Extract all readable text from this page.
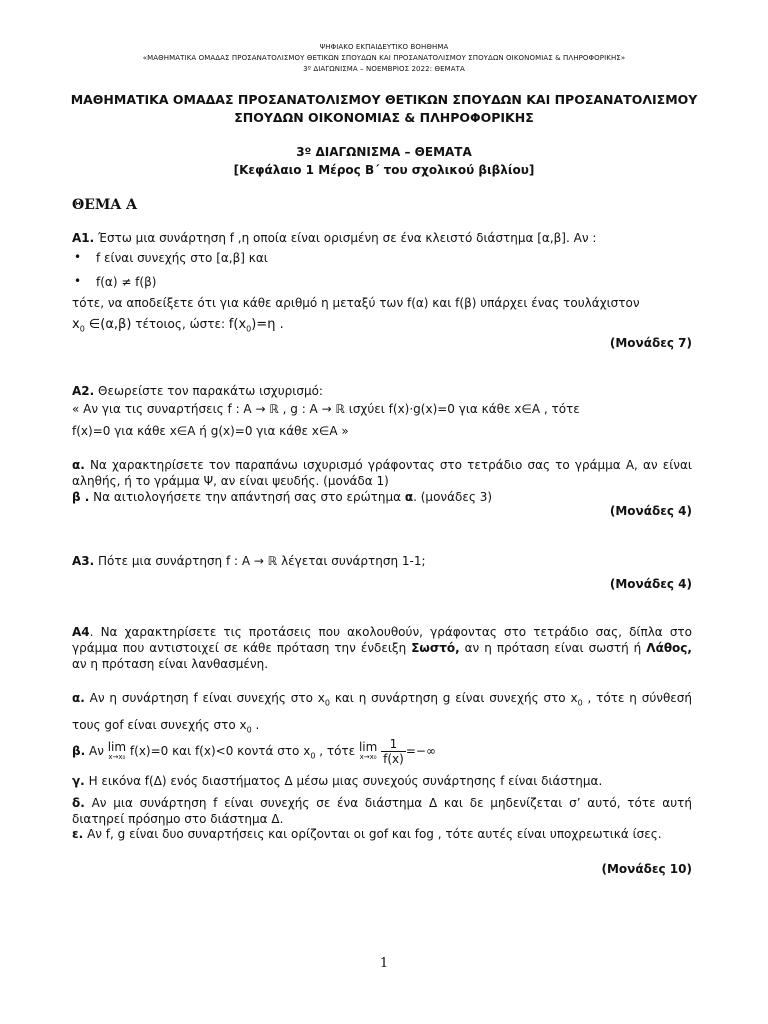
ΨΗΦΙΑΚΟ ΕΚΠΑΙΔΕΥΤΙΚΟ ΒΟΗΘΗΜΑ
«ΜΑΘΗΜΑΤΙΚΑ ΟΜΑΔΑΣ ΠΡΟΣΑΝΑΤΟΛΙΣΜΟΥ ΘΕΤΙΚΩΝ ΣΠΟΥΔΩΝ ΚΑΙ ΠΡΟΣΑΝΑΤΟΛΙΣΜΟΥ ΣΠΟΥΔΩΝ ΟΙΚΟΝΟΜΙΑΣ & ΠΛΗΡΟΦΟΡΙΚΗΣ»
3º ΔΙΑΓΩΝΙΣΜΑ – ΝΟΕΜΒΡΙΟΣ 2022: ΘΕΜΑΤΑ
ΜΑΘΗΜΑΤΙΚΑ ΟΜΑΔΑΣ ΠΡΟΣΑΝΑΤΟΛΙΣΜΟΥ ΘΕΤΙΚΩΝ ΣΠΟΥΔΩΝ ΚΑΙ ΠΡΟΣΑΝΑΤΟΛΙΣΜΟΥ
ΣΠΟΥΔΩΝ ΟΙΚΟΝΟΜΙΑΣ & ΠΛΗΡΟΦΟΡΙΚΗΣ
3º ΔΙΑΓΩΝΙΣΜΑ – ΘΕΜΑΤΑ
[Κεφάλαιο 1 Μέρος Β΄ του σχολικού βιβλίου]
ΘΕΜΑ Α
Α1. Έστω μια συνάρτηση f ,η οποία είναι ορισμένη σε ένα κλειστό διάστημα [α,β]. Αν :
• f είναι συνεχής στο [α,β] και
• f(α) ≠ f(β)
τότε, να αποδείξετε ότι για κάθε αριθμό η μεταξύ των f(α) και f(β) υπάρχει ένας τουλάχιστον
$x_0$ ∈(α,β) τέτοιος, ώστε: $f(x_0)=\eta$ .
(Μονάδες 7)
Α2. Θεωρείστε τον παρακάτω ισχυρισμό:
« Αν για τις συναρτήσεις f : A → ℝ , g : A → ℝ ισχύει f(x)·g(x)=0 για κάθε x∈A , τότε
f(x)=0 για κάθε x∈A ή g(x)=0 για κάθε x∈A »
α. Να χαρακτηρίσετε τον παραπάνω ισχυρισμό γράφοντας στο τετράδιο σας το γράμμα Α, αν είναι αληθής, ή το γράμμα Ψ, αν είναι ψευδής. (μονάδα 1)
β . Να αιτιολογήσετε την απάντησή σας στο ερώτημα α. (μονάδες 3)
(Μονάδες 4)
Α3. Πότε μια συνάρτηση f : A → ℝ λέγεται συνάρτηση 1-1;
(Μονάδες 4)
Α4. Να χαρακτηρίσετε τις προτάσεις που ακολουθούν, γράφοντας στο τετράδιο σας, δίπλα στο γράμμα που αντιστοιχεί σε κάθε πρόταση την ένδειξη Σωστό, αν η πρόταση είναι σωστή ή Λάθος, αν η πρόταση είναι λανθασμένη.
α. Αν η συνάρτηση f είναι συνεχής στο $x_0$ και η συνάρτηση g είναι συνεχής στο $x_0$ , τότε η σύνθεσή τους gof είναι συνεχής στο $x_0$ .
β. Αν lim
x→x₀ f(x)=0 και f(x)<0 κοντά στο $x_0$ , τότε lim
x→x₀
$\frac{1}{f(x)}$ =−∞
γ. Η εικόνα f(Δ) ενός διαστήματος Δ μέσω μιας συνεχούς συνάρτησης f είναι διάστημα.
δ. Αν μια συνάρτηση f είναι συνεχής σε ένα διάστημα Δ και δε μηδενίζεται σ’ αυτό, τότε αυτή διατηρεί πρόσημο στο διάστημα Δ.
ε. Αν f, g είναι δυο συναρτήσεις και ορίζονται οι gof και fog , τότε αυτές είναι υποχρεωτικά ίσες.
(Μονάδες 10)
1
